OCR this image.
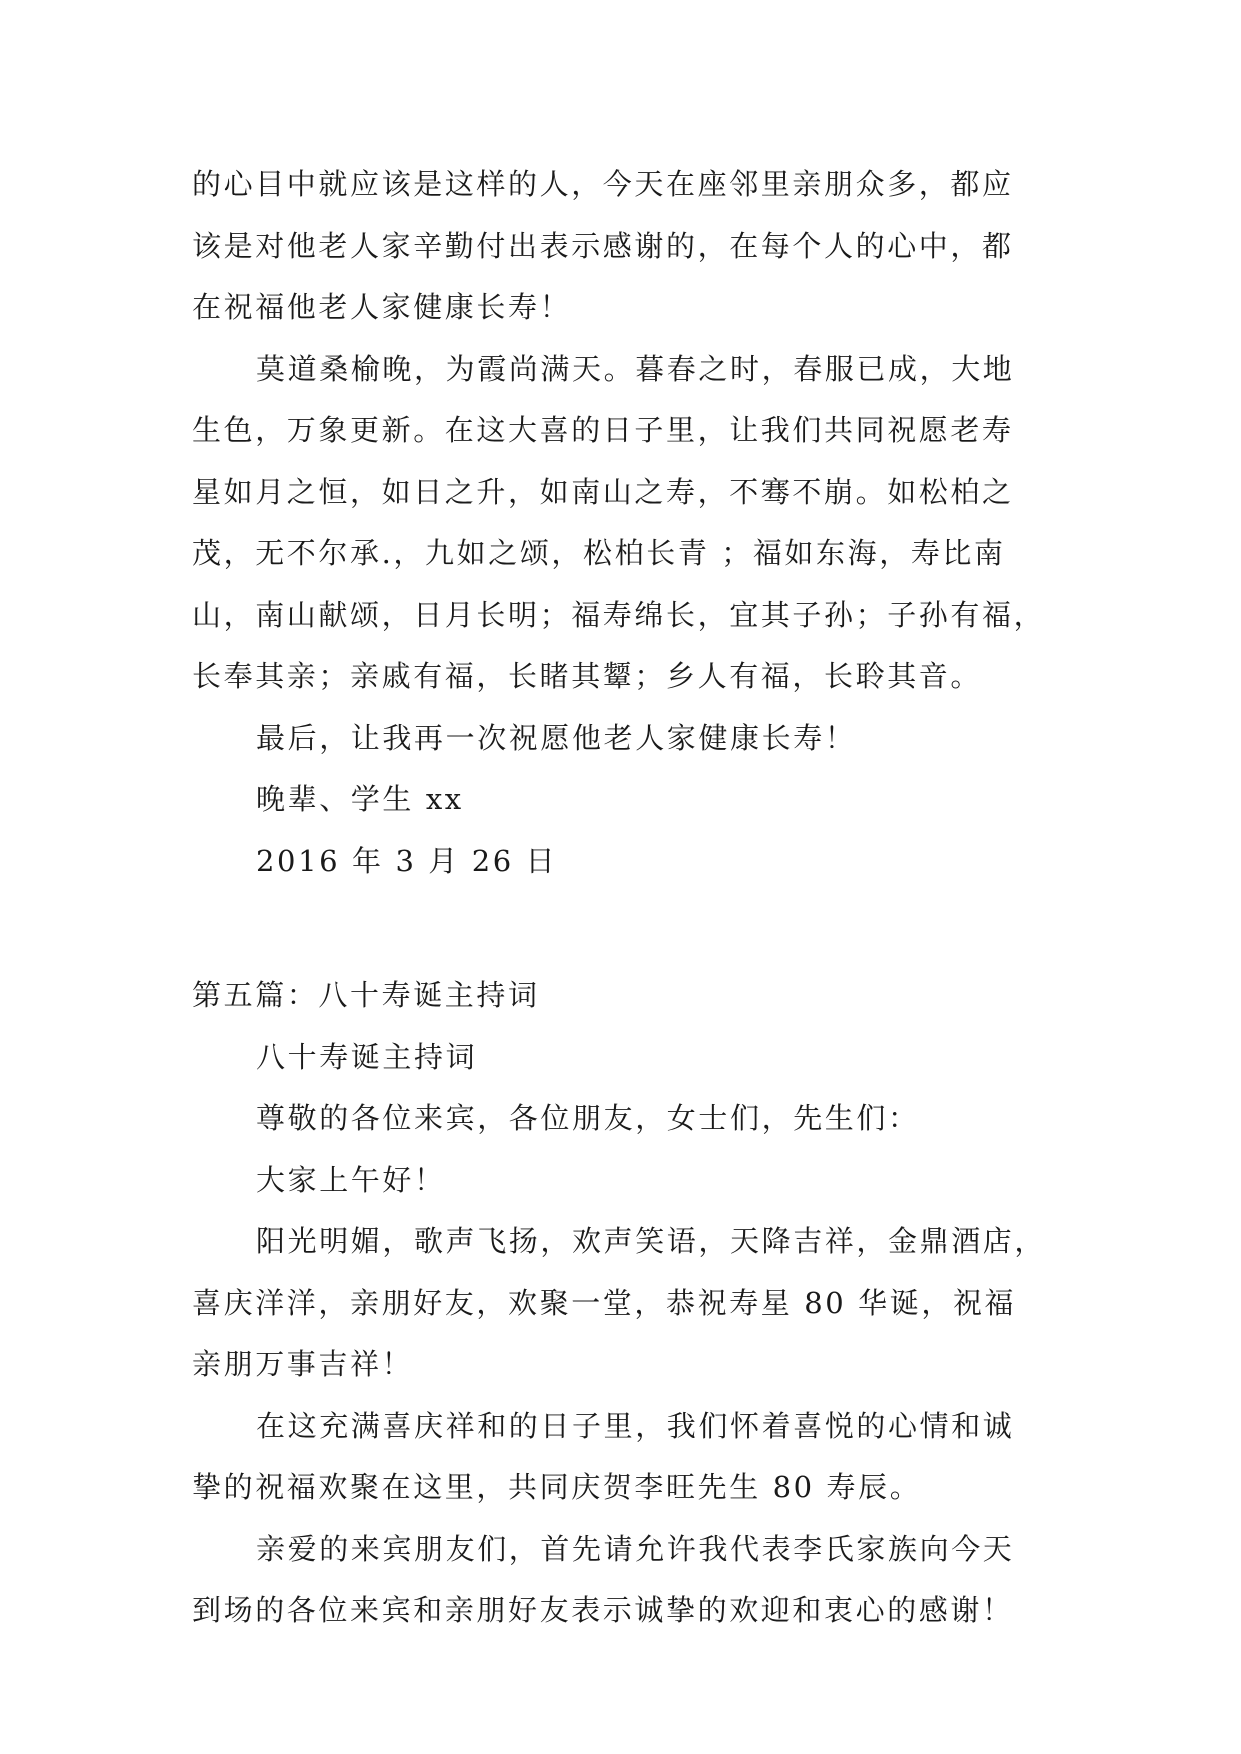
的心目中就应该是这样的人，今天在座邻里亲朋众多，都应
该是对他老人家辛勤付出表示感谢的，在每个人的心中，都
在祝福他老人家健康长寿！
莫道桑榆晚，为霞尚满天。暮春之时，春服已成，大地
生色，万象更新。在这大喜的日子里，让我们共同祝愿老寿
星如月之恒，如日之升，如南山之寿，不骞不崩。如松柏之
茂，无不尔承.，九如之颂，松柏长青 ；福如东海，寿比南
山，南山献颂，日月长明；福寿绵长，宜其子孙；子孙有福，
长奉其亲；亲戚有福，长睹其颦；乡人有福，长聆其音。
最后，让我再一次祝愿他老人家健康长寿！
晚辈、学生 xx
2016 年 3 月 26 日
第五篇：八十寿诞主持词
八十寿诞主持词
尊敬的各位来宾，各位朋友，女士们，先生们：
大家上午好！
阳光明媚，歌声飞扬，欢声笑语，天降吉祥，金鼎酒店，
喜庆洋洋，亲朋好友，欢聚一堂，恭祝寿星 80 华诞，祝福
亲朋万事吉祥！
在这充满喜庆祥和的日子里，我们怀着喜悦的心情和诚
挚的祝福欢聚在这里，共同庆贺李旺先生 80 寿辰。
亲爱的来宾朋友们，首先请允许我代表李氏家族向今天
到场的各位来宾和亲朋好友表示诚挚的欢迎和衷心的感谢！
